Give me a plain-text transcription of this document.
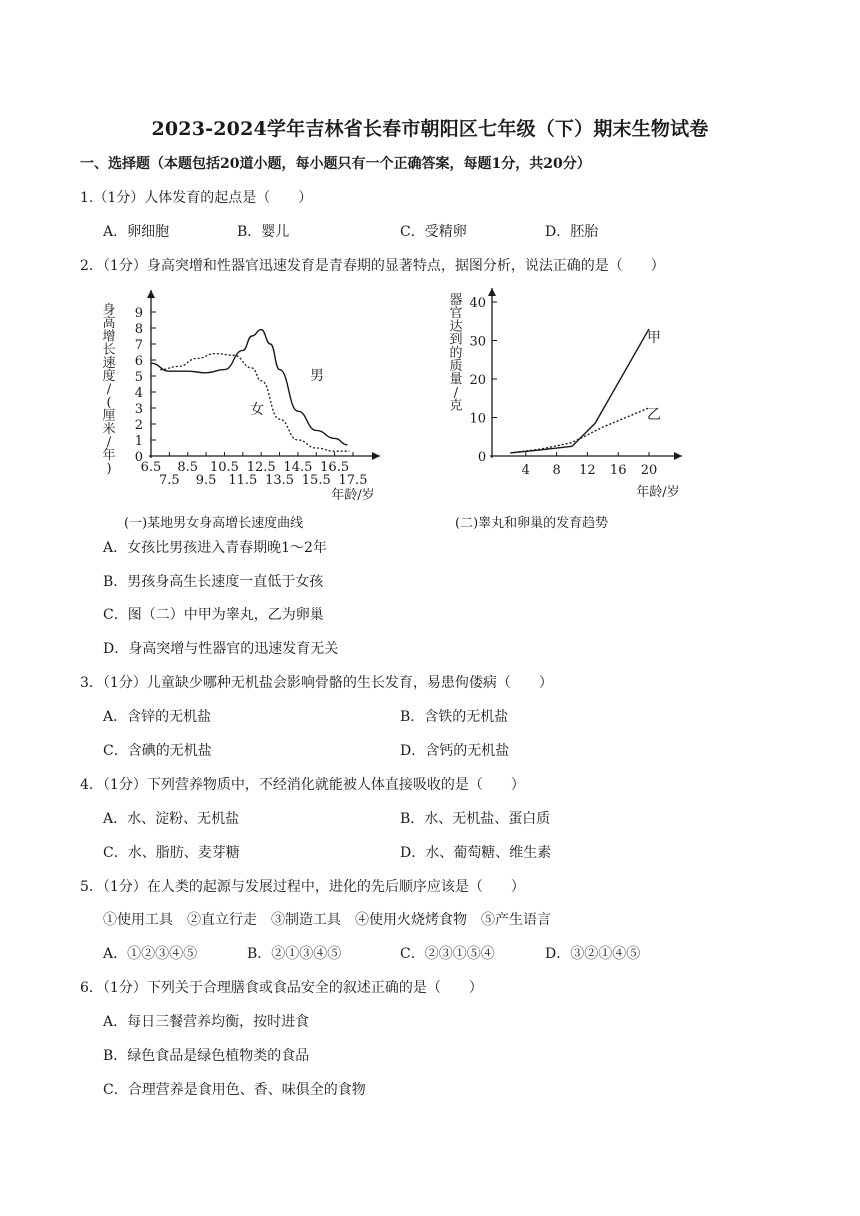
2023-2024学年吉林省长春市朝阳区七年级（下）期末生物试卷
一、选择题（本题包括20道小题，每小题只有一个正确答案，每题1分，共20分）
1.（1分）人体发育的起点是（　　）
A．卵细胞	B．婴儿	C．受精卵	D．胚胎
2．（1分）身高突增和性器官迅速发育是青春期的显著特点，据图分析，说法正确的是（　　）
0
1
2
3
4
5
6
7
8
9
6.5 8.5 10.5 12.5 14.5 16.5
7.5 9.5 11.5 13.5 15.5 17.5
年龄/岁
身
高
增
长
速
度
/
(
厘
米
/
年
)
男
女
10
20
30
40
0
4 8 12 16 20
年龄/岁
器
官
达
到
的
质
量
/
克
甲
乙
(一)某地男女身高增长速度曲线	(二)睾丸和卵巢的发育趋势
A．女孩比男孩进入青春期晚1～2年
B．男孩身高生长速度一直低于女孩
C．图（二）中甲为睾丸，乙为卵巢
D．身高突增与性器官的迅速发育无关
3．（1分）儿童缺少哪种无机盐会影响骨骼的生长发育，易患佝偻病（　　）
A．含锌的无机盐	B．含铁的无机盐
C．含碘的无机盐	D．含钙的无机盐
4．（1分）下列营养物质中，不经消化就能被人体直接吸收的是（　　）
A．水、淀粉、无机盐	B．水、无机盐、蛋白质
C．水、脂肪、麦芽糖	D．水、葡萄糖、维生素
5．（1分）在人类的起源与发展过程中，进化的先后顺序应该是（　　）
①使用工具　②直立行走　③制造工具　④使用火烧烤食物　⑤产生语言
A．①②③④⑤	B．②①③④⑤	C．②③①⑤④	D．③②①④⑤
6．（1分）下列关于合理膳食或食品安全的叙述正确的是（　　）
A．每日三餐营养均衡，按时进食
B．绿色食品是绿色植物类的食品
C．合理营养是食用色、香、味俱全的食物
